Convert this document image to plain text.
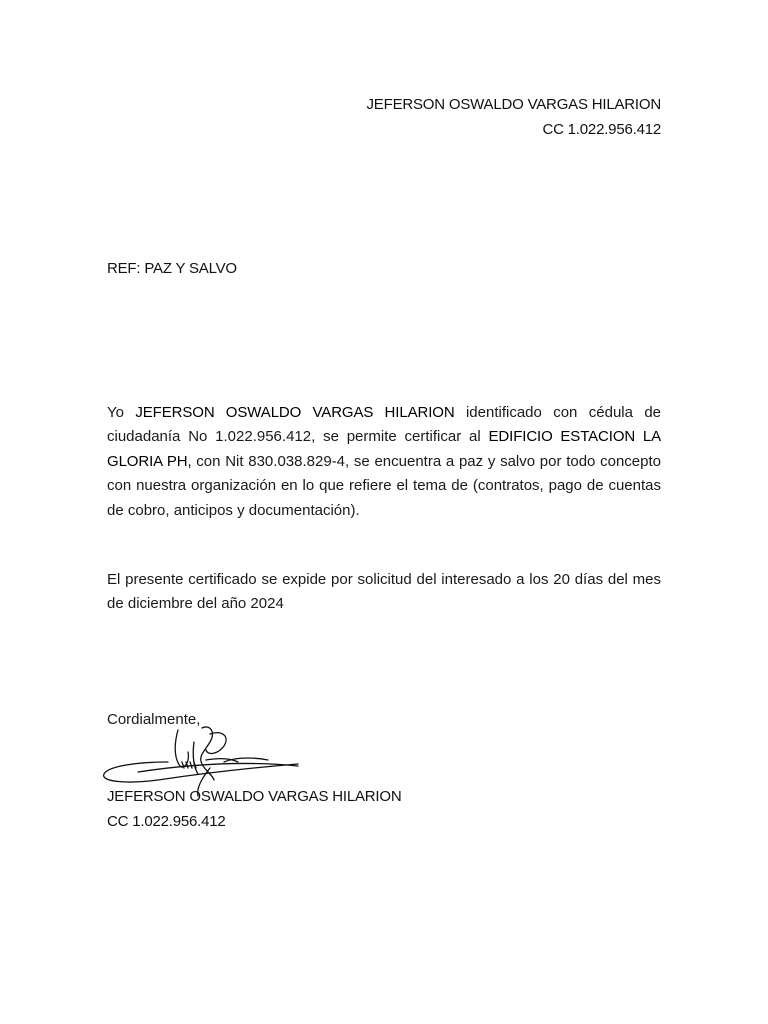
JEFERSON OSWALDO VARGAS HILARION
CC 1.022.956.412
REF: PAZ Y SALVO
Yo JEFERSON OSWALDO VARGAS HILARION identificado con cédula de ciudadanía No 1.022.956.412, se permite certificar al EDIFICIO ESTACION LA GLORIA PH, con Nit 830.038.829-4, se encuentra a paz y salvo por todo concepto con nuestra organización en lo que refiere el tema de (contratos, pago de cuentas de cobro, anticipos y documentación).
El presente certificado se expide por solicitud del interesado a los 20 días del mes de diciembre del año 2024
Cordialmente,
JEFERSON OSWALDO VARGAS HILARION
CC 1.022.956.412
